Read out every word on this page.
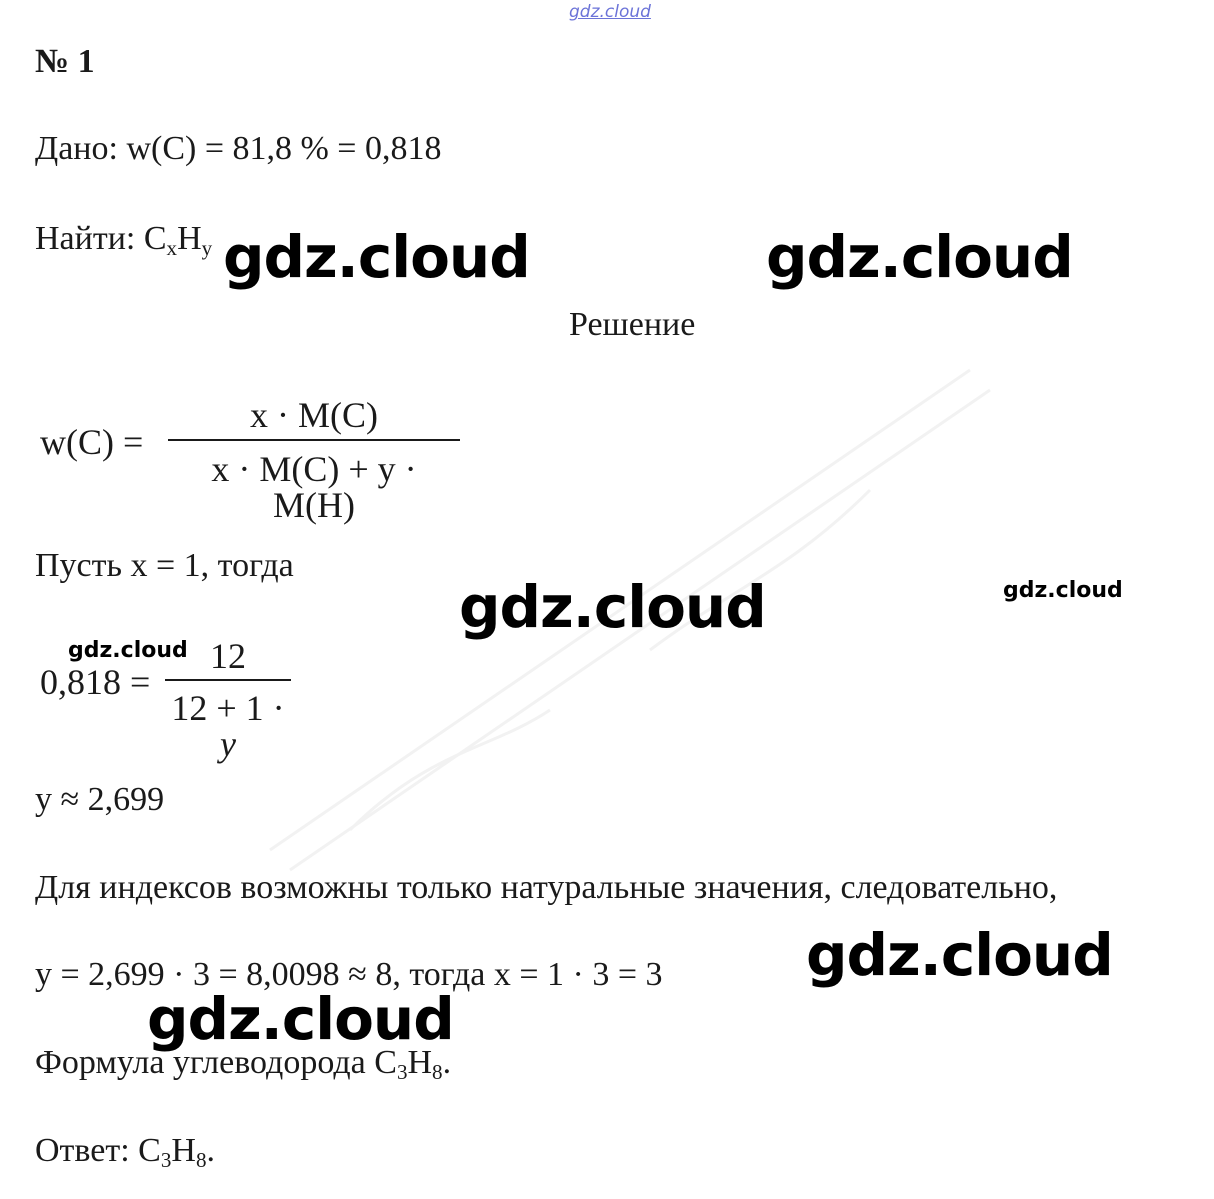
gdz.cloud
№ 1
Дано: w(C) = 81,8 % = 0,818
Найти: $C_xH_y$
Решение
w(C) =
x · M(C)
x · M(C) + y · M(H)
Пусть x = 1, тогда
0,818 =
12
12 + 1 · y
y ≈ 2,699
Для индексов возможны только натуральные значения, следовательно,
y = 2,699 · 3 = 8,0098 ≈ 8, тогда x = 1 · 3 = 3
Формула углеводорода $C_3H_8$.
Ответ: $C_3H_8$.
gdz.cloud	gdz.cloud
gdz.cloud	gdz.cloud
gdz.cloud
gdz.cloud
gdz.cloud
